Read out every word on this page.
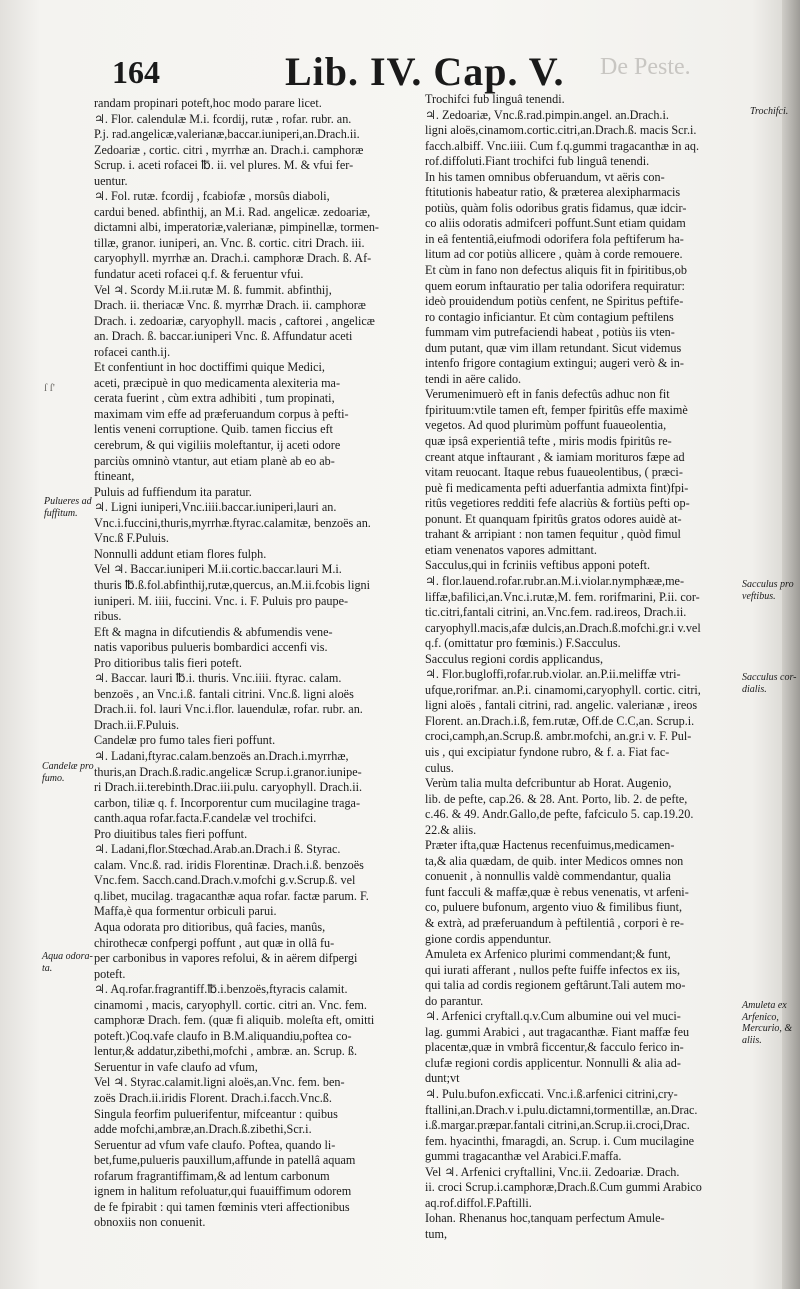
164	Lib. IV. Cap. V. De Peste.
ſ ſ'
randam propinari poteft,hoc modo parare licet.
♃. Flor. calendulæ M.i. fcordij, rutæ , rofar. rubr. an.
P.j. rad.angelicæ,valerianæ,baccar.iuniperi,an.Drach.ii.
Zedoariæ , cortic. citri , myrrhæ an. Drach.i. camphoræ
Scrup. i. aceti rofacei ℔. ii. vel plures. M. & vfui fer-
uentur.
♃. Fol. rutæ. fcordij , fcabiofæ , morsûs diaboli,
cardui bened. abfinthij, an M.i. Rad. angelicæ. zedoariæ,
dictamni albi, imperatoriæ,valerianæ, pimpinellæ, tormen-
tillæ, granor. iuniperi, an. Vnc. ß. cortic. citri Drach. iii.
caryophyll. myrrhæ an. Drach.i. camphoræ Drach. ß. Af-
fundatur aceti rofacei q.f. & feruentur vfui.
Vel ♃. Scordy M.ii.rutæ M. ß. fummit. abfinthij,
Drach. ii. theriacæ Vnc. ß. myrrhæ Drach. ii. camphoræ
Drach. i. zedoariæ, caryophyll. macis , caftorei , angelicæ
an. Drach. ß. baccar.iuniperi Vnc. ß. Affundatur aceti
rofacei canth.ij.
Et confentiunt in hoc doctiffimi quique Medici,
aceti, præcipuè in quo medicamenta alexiteria ma-
cerata fuerint , cùm extra adhibiti , tum propinati,
maximam vim effe ad præferuandum corpus à pefti-
lentis veneni corruptione. Quib. tamen ficcius eft
cerebrum, & qui vigiliis moleftantur, ij aceti odore
parciùs omninò vtantur, aut etiam planè ab eo ab-
ftineant,
Puluis ad fuffiendum ita paratur.
♃. Ligni iuniperi,Vnc.iiii.baccar.iuniperi,lauri an.
Vnc.i.fuccini,thuris,myrrhæ.ftyrac.calamitæ, benzoës an.
Vnc.ß F.Puluis.
Nonnulli addunt etiam flores fulph.
Vel ♃. Baccar.iuniperi M.ii.cortic.baccar.lauri M.i.
thuris ℔.ß.fol.abfinthij,rutæ,quercus, an.M.ii.fcobis ligni
iuniperi. M. iiii, fuccini. Vnc. i. F. Puluis pro paupe-
ribus.
Eft & magna in difcutiendis & abfumendis vene-
natis vaporibus pulueris bombardici accenfi vis.
Pro ditioribus talis fieri poteft.
♃. Baccar. lauri ℔.i. thuris. Vnc.iiii. ftyrac. calam.
benzoës , an Vnc.i.ß. fantali citrini. Vnc.ß. ligni aloës
Drach.ii. fol. lauri Vnc.i.flor. lauendulæ, rofar. rubr. an.
Drach.ii.F.Puluis.
Candelæ pro fumo tales fieri poffunt.
♃. Ladani,ftyrac.calam.benzoës an.Drach.i.myrrhæ,
thuris,an Drach.ß.radic.angelicæ Scrup.i.granor.iunipe-
ri Drach.ii.terebinth.Drac.iii.pulu. caryophyll. Drach.ii.
carbon, tiliæ q. f. Incorporentur cum mucilagine traga-
canth.aqua rofar.facta.F.candelæ vel trochifci.
Pro diuitibus tales fieri poffunt.
♃. Ladani,flor.Stœchad.Arab.an.Drach.i ß. Styrac.
calam. Vnc.ß. rad. iridis Florentinæ. Drach.i.ß. benzoës
Vnc.fem. Sacch.cand.Drach.v.mofchi g.v.Scrup.ß. vel
q.libet, mucilag. tragacanthæ aqua rofar. factæ parum. F.
Maffa,è qua formentur orbiculi parui.
Aqua odorata pro ditioribus, quâ facies, manûs,
chirothecæ confpergi poffunt , aut quæ in ollâ fu-
per carbonibus in vapores refolui, & in aërem difpergi
poteft.
♃. Aq.rofar.fragrantiff.℔.i.benzoës,ftyracis calamit.
cinamomi , macis, caryophyll. cortic. citri an. Vnc. fem.
camphoræ Drach. fem. (quæ fi aliquib. moleſta eft, omitti
poteft.)Coq.vafe claufo in B.M.aliquandiu,poftea co-
lentur,& addatur,zibethi,mofchi , ambræ. an. Scrup. ß.
Seruentur in vafe claufo ad vfum,
Vel ♃. Styrac.calamit.ligni aloës,an.Vnc. fem. ben-
zoës Drach.ii.iridis Florent. Drach.i.facch.Vnc.ß.
Singula feorfim puluerifentur, mifceantur : quibus
adde mofchi,ambræ,an.Drach.ß.zibethi,Scr.i.
Seruentur ad vfum vafe claufo. Poftea, quando li-
bet,fume,pulueris pauxillum,affunde in patellâ aquam
rofarum fragrantiffimam,& ad lentum carbonum
ignem in halitum refoluatur,qui fuauiffimum odorem
de fe fpirabit : qui tamen fœminis vteri affectionibus
obnoxiis non conuenit.
Trochifci fub linguâ tenendi.
♃. Zedoariæ, Vnc.ß.rad.pimpin.angel. an.Drach.i.
ligni aloës,cinamom.cortic.citri,an.Drach.ß. macis Scr.i.
facch.albiff. Vnc.iiii. Cum f.q.gummi tragacanthæ in aq.
rof.diffoluti.Fiant trochifci fub linguâ tenendi.
In his tamen omnibus obferuandum, vt aëris con-
ftitutionis habeatur ratio, & præterea alexipharmacis
potiùs, quàm folis odoribus gratis fidamus, quæ idcir-
co aliis odoratis admifceri poffunt.Sunt etiam quidam
in eâ fententiâ,eiufmodi odorifera fola peftiferum ha-
litum ad cor potiùs allicere , quàm à corde remouere.
Et cùm in fano non defectus aliquis fit in fpiritibus,ob
quem eorum inftauratio per talia odorifera requiratur:
ideò prouidendum potiùs cenfent, ne Spiritus peftife-
ro contagio inficiantur. Et cùm contagium peftilens
fummam vim putrefaciendi habeat , potiùs iis vten-
dum putant, quæ vim illam retundant. Sicut videmus
intenfo frigore contagium extingui; augeri verò & in-
tendi in aëre calido.
Verumenimuerò eft in fanis defectûs adhuc non fit
fpirituum:vtile tamen eft, femper fpiritûs effe maximè
vegetos. Ad quod plurimùm poffunt fuaueolentia,
quæ ipsâ experientiâ tefte , miris modis fpiritûs re-
creant atque inftaurant , & iamiam morituros fæpe ad
vitam reuocant. Itaque rebus fuaueolentibus, ( præci-
puè fi medicamenta pefti aduerfantia admixta fint)fpi-
ritûs vegetiores redditi fefe alacriùs & fortiùs pefti op-
ponunt. Et quanquam fpiritûs gratos odores auidè at-
trahant & arripiant : non tamen fequitur , quòd fimul
etiam venenatos vapores admittant.
Sacculus,qui in fcriniis veftibus apponi poteft.
♃. flor.lauend.rofar.rubr.an.M.i.violar.nymphææ,me-
liffæ,bafilici,an.Vnc.i.rutæ,M. fem. rorifmarini, P.ii. cor-
tic.citri,fantali citrini, an.Vnc.fem. rad.ireos, Drach.ii.
caryophyll.macis,afæ dulcis,an.Drach.ß.mofchi.gr.i v.vel
q.f. (omittatur pro fœminis.) F.Sacculus.
Sacculus regioni cordis applicandus,
♃. Flor.bugloffi,rofar.rub.violar. an.P.ii.meliffæ vtri-
ufque,rorifmar. an.P.i. cinamomi,caryophyll. cortic. citri,
ligni aloës , fantali citrini, rad. angelic. valerianæ , ireos
Florent. an.Drach.i.ß, fem.rutæ, Off.de C.C,an. Scrup.i.
croci,camph,an.Scrup.ß. ambr.mofchi, an.gr.i v. F. Pul-
uis , qui excipiatur fyndone rubro, & f. a. Fiat fac-
culus.
Verùm talia multa defcribuntur ab Horat. Augenio,
lib. de pefte, cap.26. & 28. Ant. Porto, lib. 2. de pefte,
c.46. & 49. Andr.Gallo,de pefte, fafciculo 5. cap.19.20.
22.& aliis.
Præter ifta,quæ Hactenus recenfuimus,medicamen-
ta,& alia quædam, de quib. inter Medicos omnes non
conuenit , à nonnullis valdè commendantur, qualia
funt facculi & maffæ,quæ è rebus venenatis, vt arfeni-
co, puluere bufonum, argento viuo & fimilibus fiunt,
& extrà, ad præferuandum à peftilentiâ , corpori è re-
gione cordis appenduntur.
Amuleta ex Arfenico plurimi commendant;& funt,
qui iurati afferant , nullos pefte fuiffe infectos ex iis,
qui talia ad cordis regionem geftârunt.Tali autem mo-
do parantur.
♃. Arfenici cryftall.q.v.Cum albumine oui vel muci-
lag. gummi Arabici , aut tragacanthæ. Fiant maffæ feu
placentæ,quæ in vmbrâ ficcentur,& facculo ferico in-
clufæ regioni cordis applicentur. Nonnulli & alia ad-
dunt;vt
♃. Pulu.bufon.exficcati. Vnc.i.ß.arfenici citrini,cry-
ftallini,an.Drach.v i.pulu.dictamni,tormentillæ, an.Drac.
i.ß.margar.præpar.fantali citrini,an.Scrup.ii.croci,Drac.
fem. hyacinthi, fmaragdi, an. Scrup. i. Cum mucilagine
gummi tragacanthæ vel Arabici.F.maffa.
Vel ♃. Arfenici cryftallini, Vnc.ii. Zedoariæ. Drach.
ii. croci Scrup.i.camphoræ,Drach.ß.Cum gummi Arabico
aq.rof.diffol.F.Paftilli.
Iohan. Rhenanus hoc,tanquam perfectum Amule-
tum,
Pulueres ad
fuffitum.
Candelæ pro
fumo.
Aqua odora-
ta.
Trochifci.
Sacculus pro
veftibus.
Sacculus cor-
dialis.
Amuleta ex
Arfenico,
Mercurio, &
aliis.
